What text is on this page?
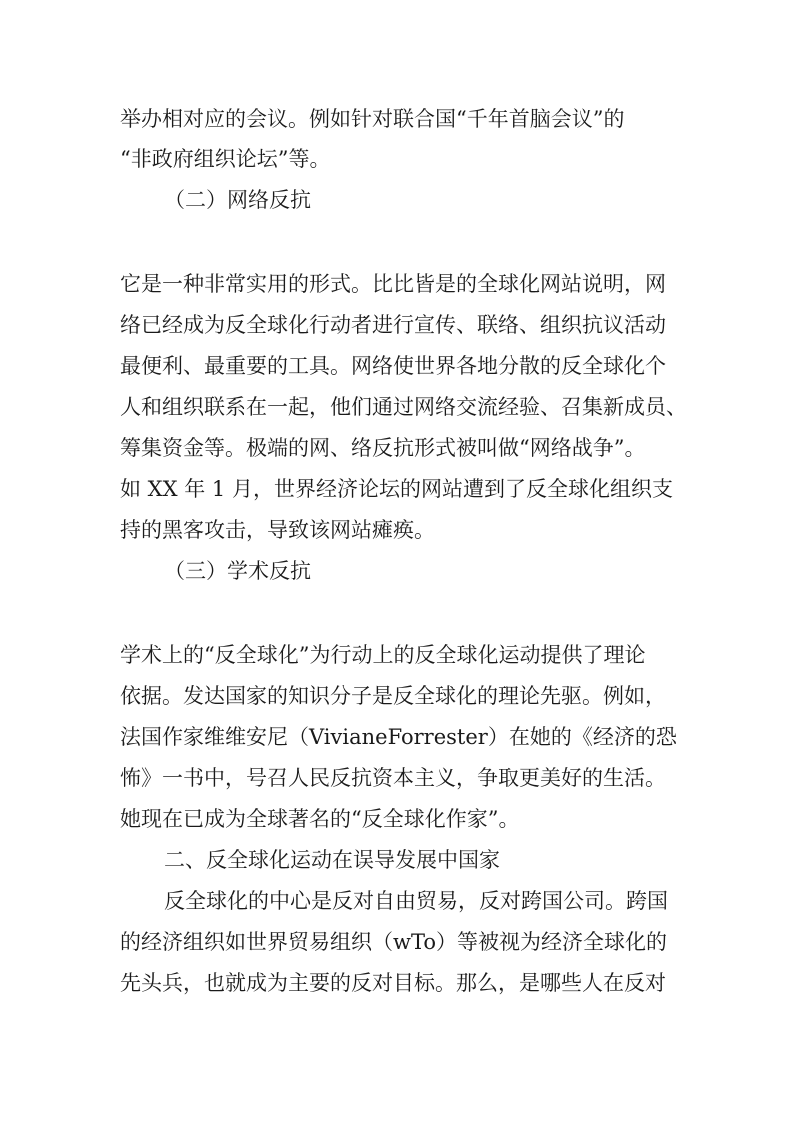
举办相对应的会议。例如针对联合国“千年首脑会议”的

“非政府组织论坛”等。

（二）网络反抗

它是一种非常实用的形式。比比皆是的全球化网站说明，网

络已经成为反全球化行动者进行宣传、联络、组织抗议活动

最便利、最重要的工具。网络使世界各地分散的反全球化个

人和组织联系在一起，他们通过网络交流经验、召集新成员、

筹集资金等。极端的网、络反抗形式被叫做“网络战争”。

如 XX 年 1 月，世界经济论坛的网站遭到了反全球化组织支

持的黑客攻击，导致该网站瘫痪。

（三）学术反抗

学术上的“反全球化”为行动上的反全球化运动提供了理论

依据。发达国家的知识分子是反全球化的理论先驱。例如，

法国作家维维安尼（VivianeForrester）在她的《经济的恐

怖》一书中，号召人民反抗资本主义，争取更美好的生活。

她现在已成为全球著名的“反全球化作家”。

二、反全球化运动在误导发展中国家

反全球化的中心是反对自由贸易，反对跨国公司。跨国

的经济组织如世界贸易组织（wTo）等被视为经济全球化的

先头兵，也就成为主要的反对目标。那么，是哪些人在反对
